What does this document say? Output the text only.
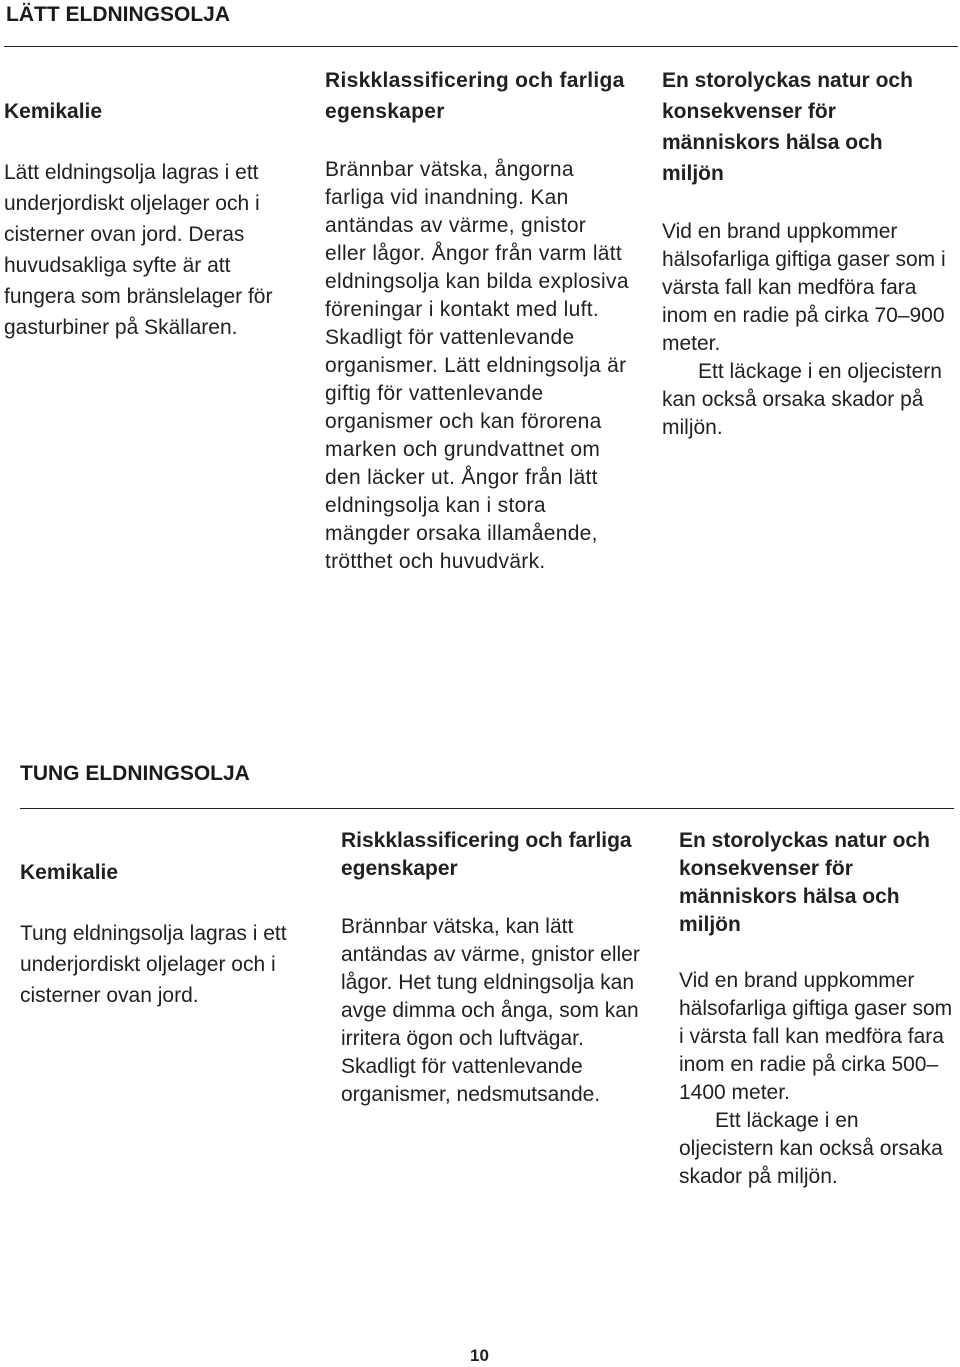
LÄTT ELDNINGSOLJA

Kemikalie

Lätt eldningsolja lagras i ett underjordiskt oljelager och i cisterner ovan jord. Deras huvudsakliga syfte är att fungera som bränslelager för gasturbiner på Skällaren.

Riskklassificering och farliga egenskaper

Brännbar vätska, ångorna farliga vid inandning. Kan antändas av värme, gnistor eller lågor. Ångor från varm lätt eldningsolja kan bilda explosiva föreningar i kontakt med luft. Skadligt för vattenlevande organismer. Lätt eldningsolja är giftig för vattenlevande organismer och kan förorena marken och grundvattnet om den läcker ut. Ångor från lätt eldningsolja kan i stora mängder orsaka illamående, trötthet och huvudvärk.

En storolyckas natur och konsekvenser för människors hälsa och miljön

Vid en brand uppkommer hälsofarliga giftiga gaser som i värsta fall kan medföra fara inom en radie på cirka 70–900 meter.

Ett läckage i en oljecistern kan också orsaka skador på miljön.

TUNG ELDNINGSOLJA

Kemikalie

Tung eldningsolja lagras i ett underjordiskt oljelager och i cisterner ovan jord.

Riskklassificering och farliga egenskaper

Brännbar vätska, kan lätt antändas av värme, gnistor eller lågor. Het tung eldningsolja kan avge dimma och ånga, som kan irritera ögon och luftvägar. Skadligt för vattenlevande organismer, nedsmutsande.

En storolyckas natur och konsekvenser för människors hälsa och miljön

Vid en brand uppkommer hälsofarliga giftiga gaser som i värsta fall kan medföra fara inom en radie på cirka 500–1400 meter.

Ett läckage i en oljecistern kan också orsaka skador på miljön.

10
